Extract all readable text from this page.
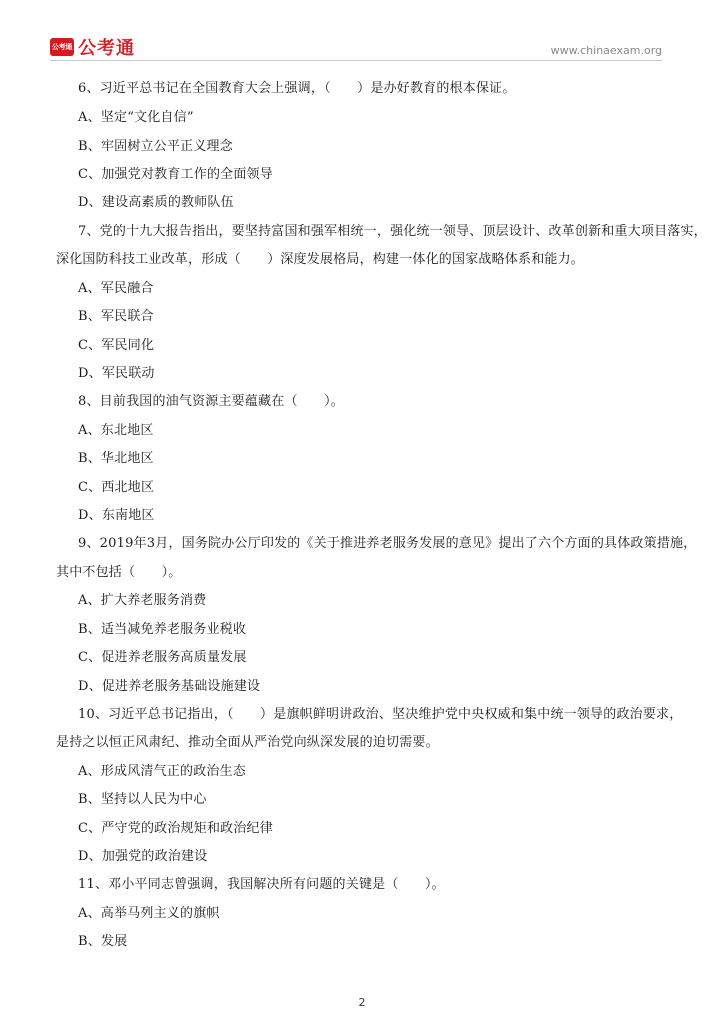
公考通 公考通	www.chinaexam.org
6、习近平总书记在全国教育大会上强调，（　　）是办好教育的根本保证。
A、坚定“文化自信”
B、牢固树立公平正义理念
C、加强党对教育工作的全面领导
D、建设高素质的教师队伍
7、党的十九大报告指出，要坚持富国和强军相统一，强化统一领导、顶层设计、改革创新和重大项目落实，
深化国防科技工业改革，形成（　　）深度发展格局，构建一体化的国家战略体系和能力。
A、军民融合
B、军民联合
C、军民同化
D、军民联动
8、目前我国的油气资源主要蕴藏在（　　）。
A、东北地区
B、华北地区
C、西北地区
D、东南地区
9、2019年3月，国务院办公厅印发的《关于推进养老服务发展的意见》提出了六个方面的具体政策措施，
其中不包括（　　）。
A、扩大养老服务消费
B、适当减免养老服务业税收
C、促进养老服务高质量发展
D、促进养老服务基础设施建设
10、习近平总书记指出，（　　）是旗帜鲜明讲政治、坚决维护党中央权威和集中统一领导的政治要求，
是持之以恒正风肃纪、推动全面从严治党向纵深发展的迫切需要。
A、形成风清气正的政治生态
B、坚持以人民为中心
C、严守党的政治规矩和政治纪律
D、加强党的政治建设
11、邓小平同志曾强调，我国解决所有问题的关键是（　　）。
A、高举马列主义的旗帜
B、发展
2
